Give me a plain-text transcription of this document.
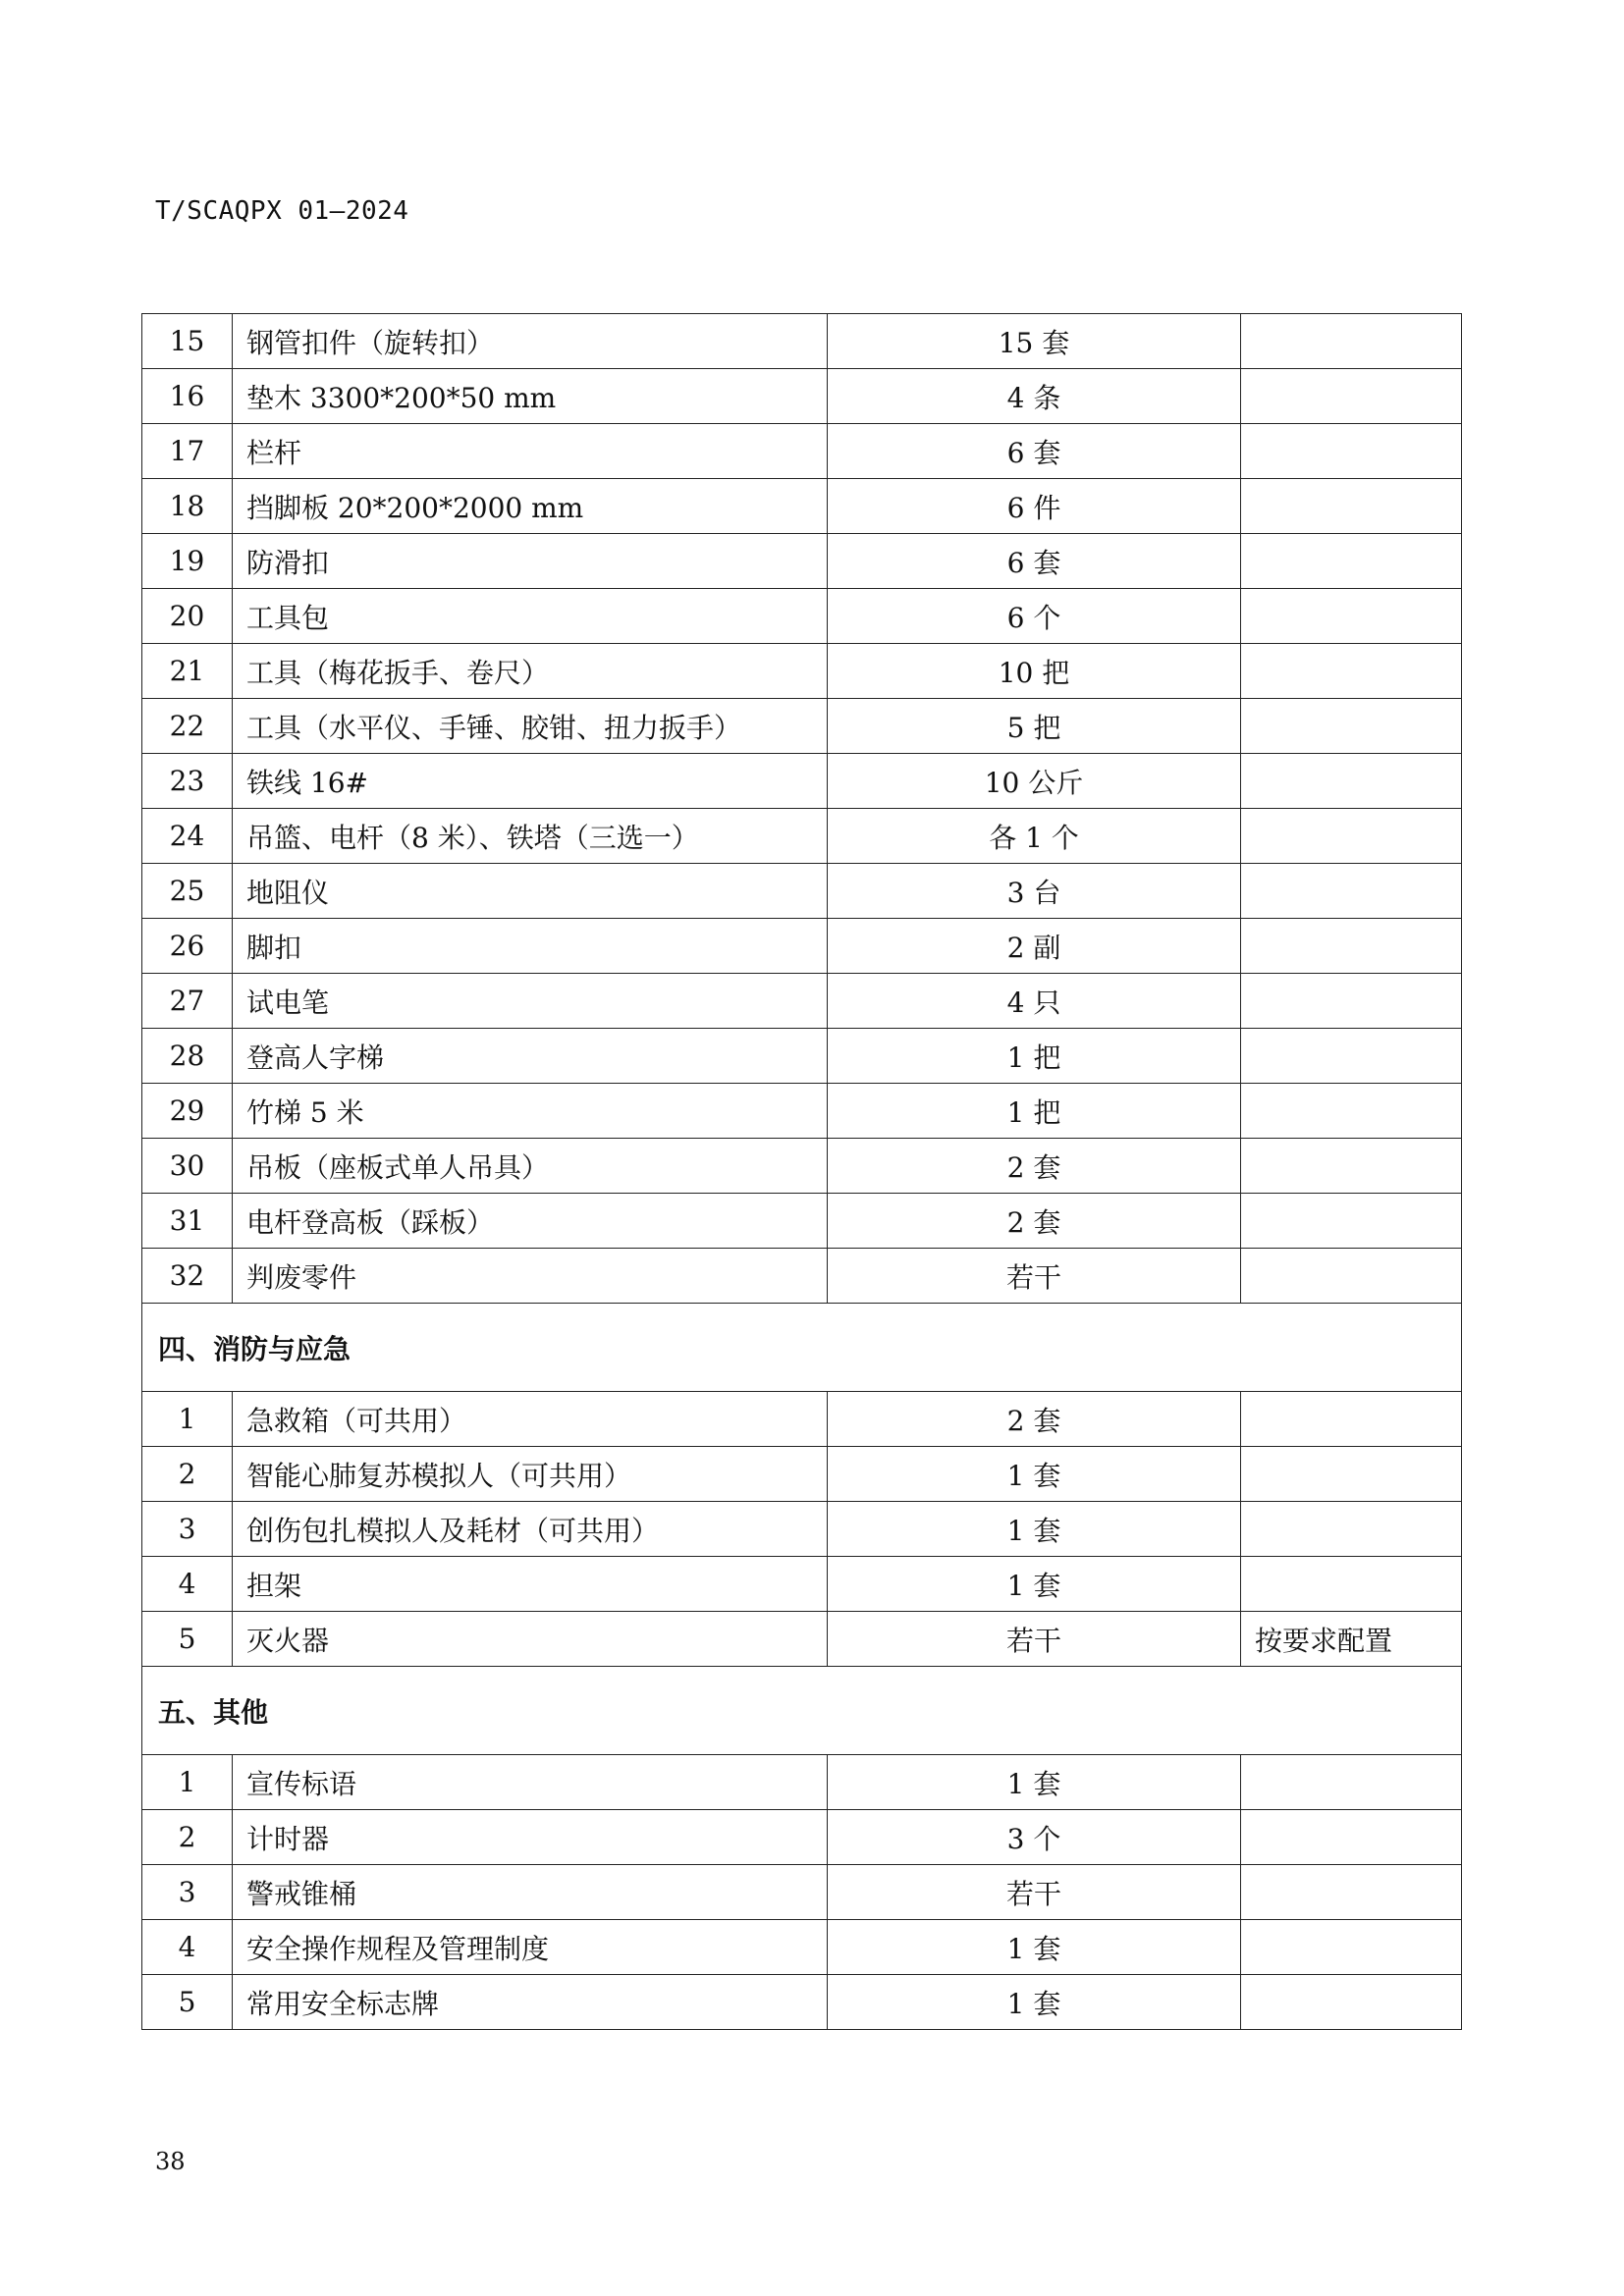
T/SCAQPX 01—2024
15	钢管扣件（旋转扣）	15 套	
16	垫木 3300*200*50 mm	4 条	
17	栏杆	6 套	
18	挡脚板 20*200*2000 mm	6 件	
19	防滑扣	6 套	
20	工具包	6 个	
21	工具（梅花扳手、卷尺）	10 把	
22	工具（水平仪、手锤、胶钳、扭力扳手）	5 把	
23	铁线 16#	10 公斤	
24	吊篮、电杆（8 米）、铁塔（三选一）	各 1 个	
25	地阻仪	3 台	
26	脚扣	2 副	
27	试电笔	4 只	
28	登高人字梯	1 把	
29	竹梯 5 米	1 把	
30	吊板（座板式单人吊具）	2 套	
31	电杆登高板（踩板）	2 套	
32	判废零件	若干	
四、消防与应急			
1	急救箱（可共用）	2 套	
2	智能心肺复苏模拟人（可共用）	1 套	
3	创伤包扎模拟人及耗材（可共用）	1 套	
4	担架	1 套	
5	灭火器	若干	按要求配置
五、其他			
1	宣传标语	1 套	
2	计时器	3 个	
3	警戒锥桶	若干	
4	安全操作规程及管理制度	1 套	
5	常用安全标志牌	1 套	
38
